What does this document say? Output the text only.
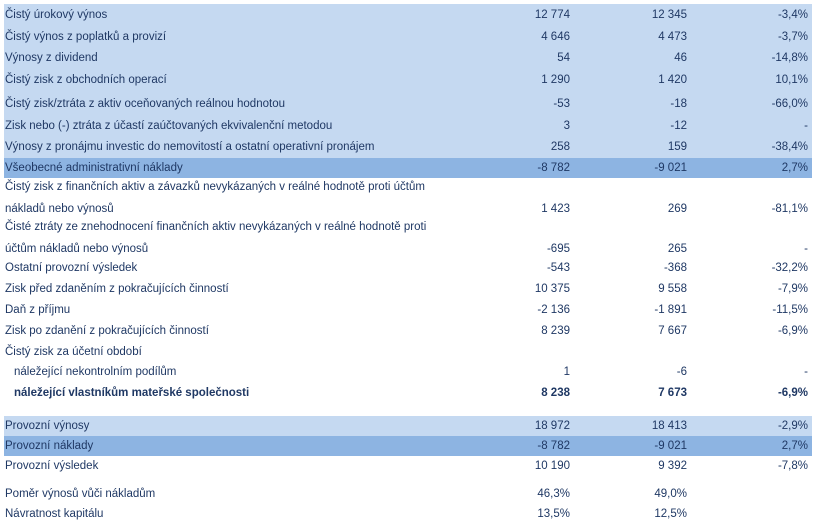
Čistý úrokový výnos	12 774	12 345	-3,4%
Čistý výnos z poplatků a provizí	4 646	4 473	-3,7%
Výnosy z dividend	54	46	-14,8%
Čistý zisk z obchodních operací	1 290	1 420	10,1%
Čistý zisk/ztráta z aktiv oceňovaných reálnou hodnotou	-53	-18	-66,0%
Zisk nebo (-) ztráta z účastí zaúčtovaných ekvivalenční metodou	3	-12	-
Výnosy z pronájmu investic do nemovitostí a ostatní operativní pronájem	258	159	-38,4%
Všeobecné administrativní náklady	-8 782	-9 021	2,7%
Čistý zisk z finančních aktiv a závazků nevykázaných v reálné hodnotě proti účtům
nákladů nebo výnosů	1 423	269	-81,1%
Čisté ztráty ze znehodnocení finančních aktiv nevykázaných v reálné hodnotě proti
účtům nákladů nebo výnosů	-695	265	-
Ostatní provozní výsledek	-543	-368	-32,2%
Zisk před zdaněním z pokračujících činností	10 375	9 558	-7,9%
Daň z příjmu	-2 136	-1 891	-11,5%
Zisk po zdanění z pokračujících činností	8 239	7 667	-6,9%
Čistý zisk za účetní období
náležející nekontrolním podílům	1	-6	-
náležející vlastníkům mateřské společnosti	8 238	7 673	-6,9%
Provozní výnosy	18 972	18 413	-2,9%
Provozní náklady	-8 782	-9 021	2,7%
Provozní výsledek	10 190	9 392	-7,8%
Poměr výnosů vůči nákladům	46,3%	49,0%
Návratnost kapitálu	13,5%	12,5%
